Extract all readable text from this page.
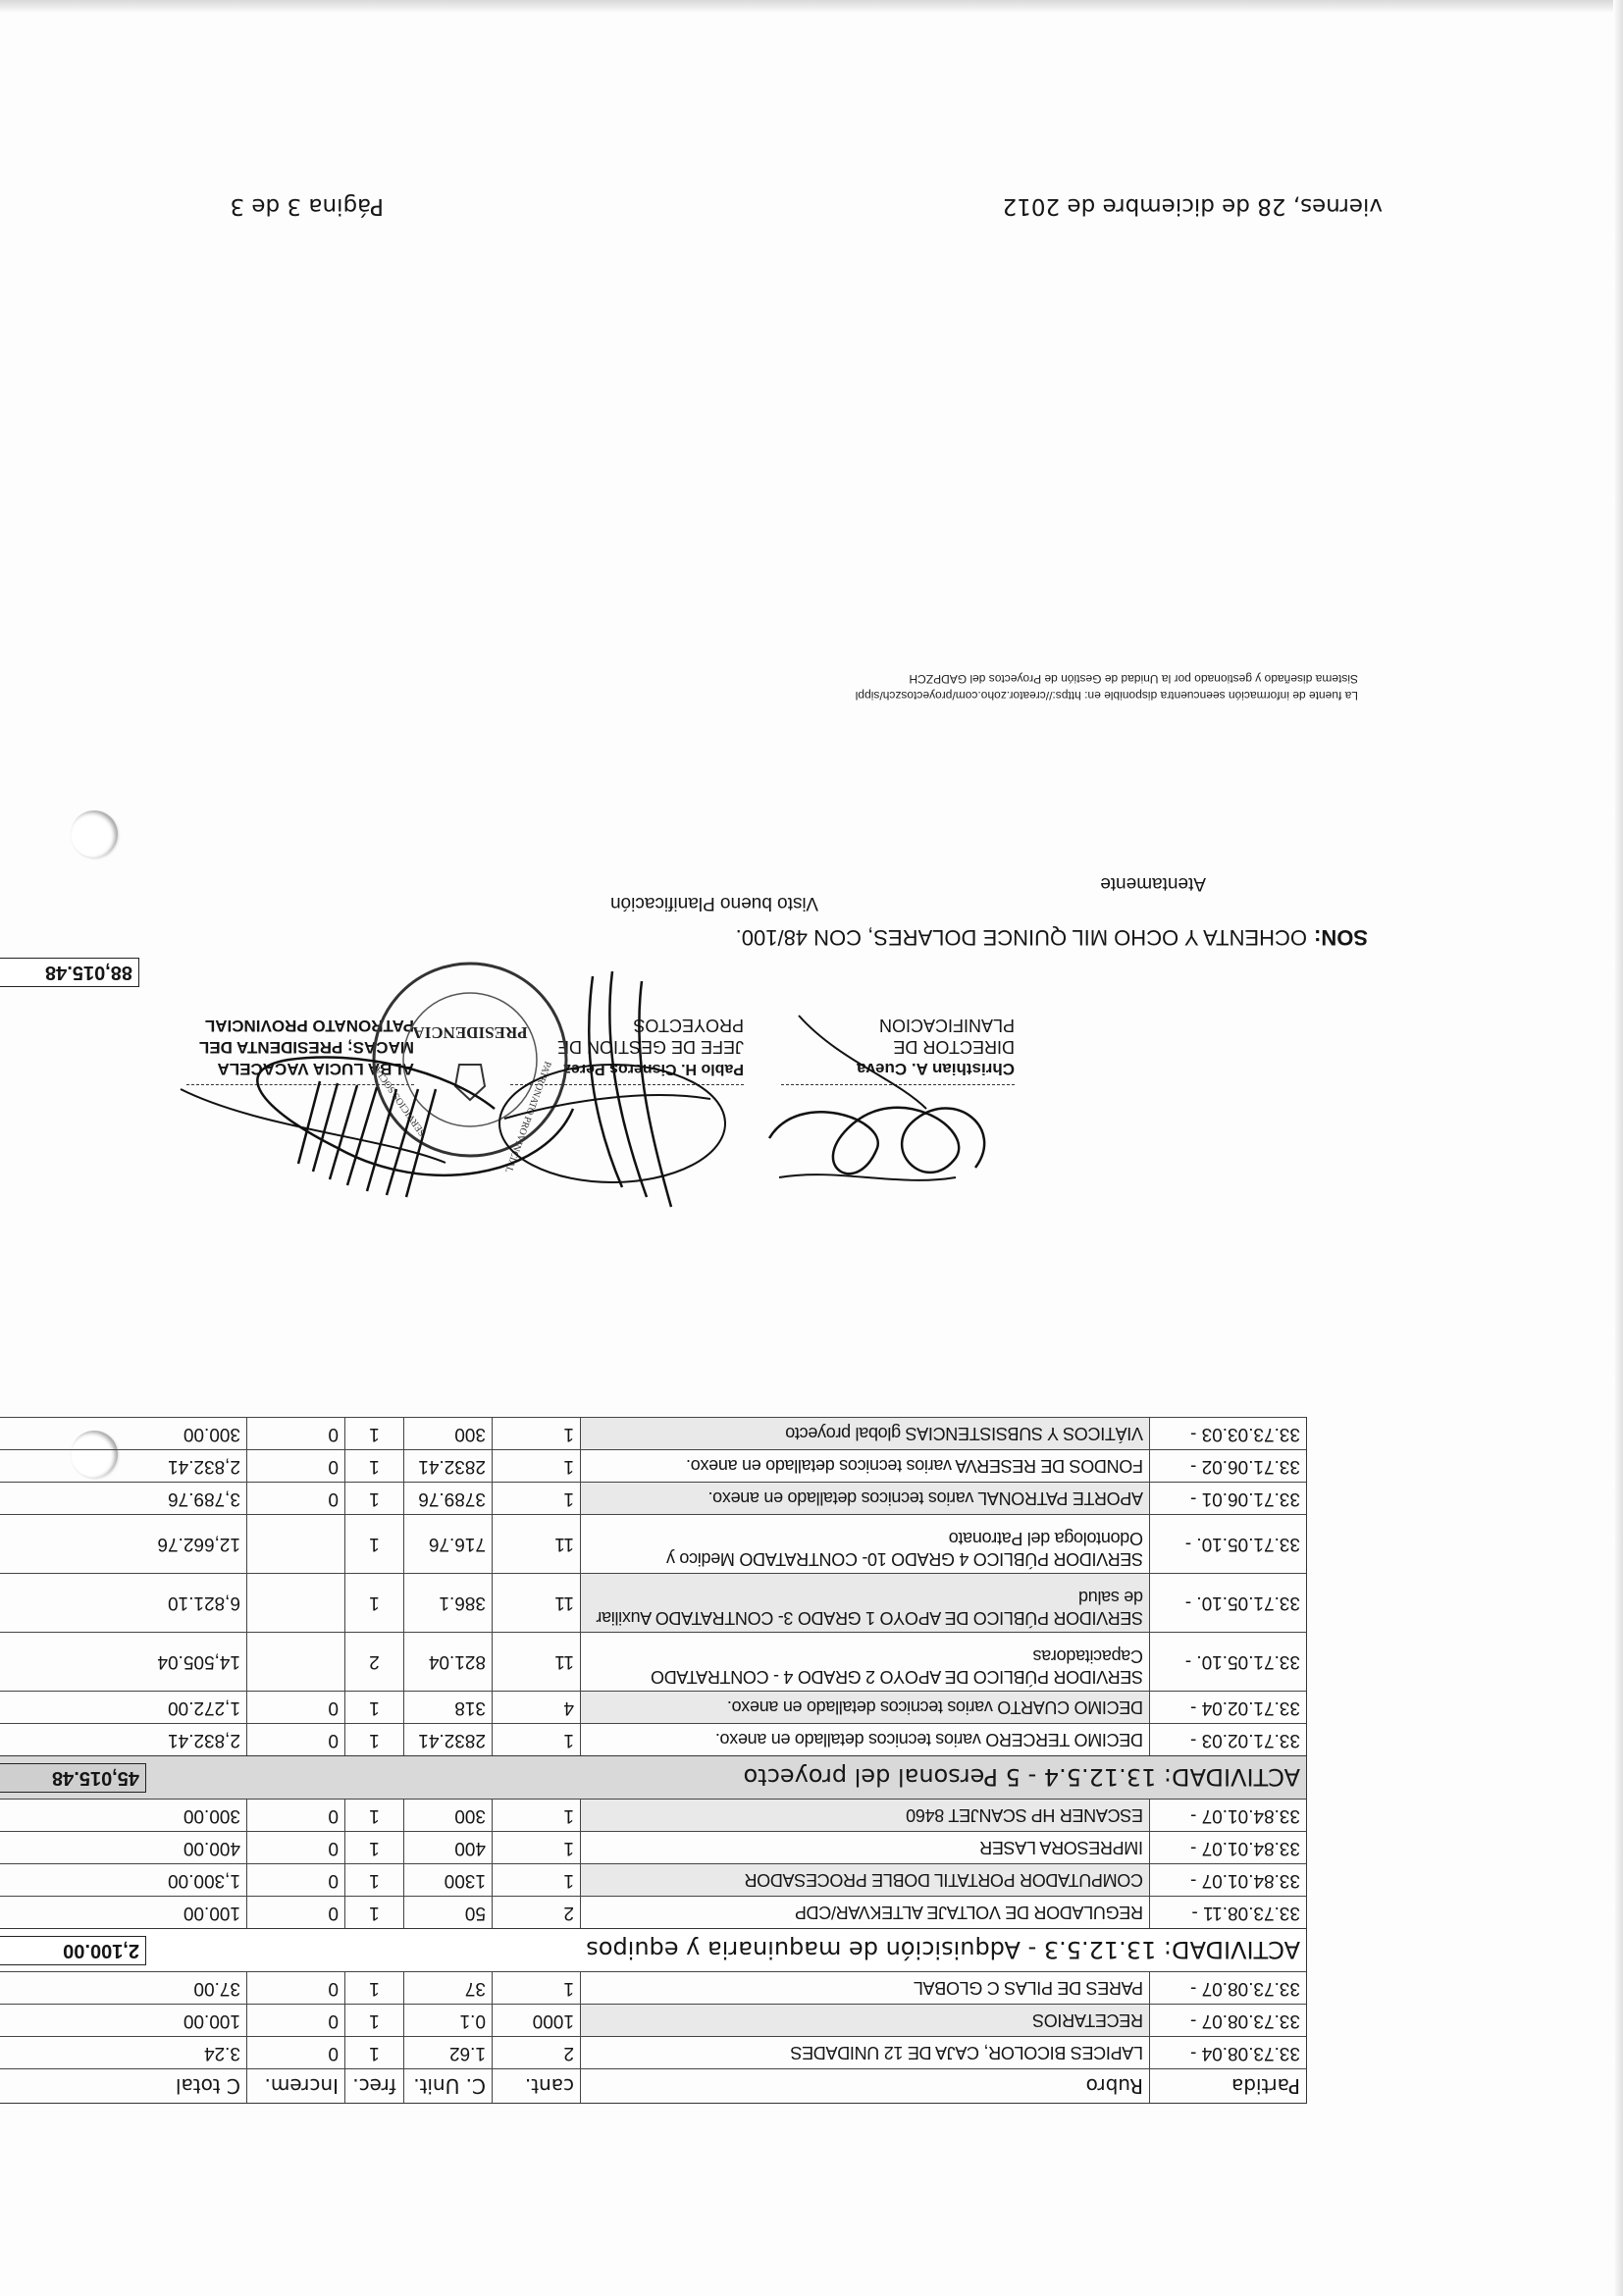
Partida
Rubro
cant.
C. Unit.
frec.
Increm.
C total
33.73.08.04 -
LAPICES BICOLOR, CAJA DE 12 UNIDADES
2
1.62
1
0
3.24
33.73.08.07 -
RECETARIOS
1000
0.1
1
0
100.00
33.73.08.07 -
PARES DE PILAS C GLOBAL
1
37
1
0
37.00
ACTIVIDAD: 13.12.5.3 - Adquisición de maquinaria y equipos
2,100.00
33.73.08.11 -
REGULADOR DE VOLTAJE ALTEKVAR/CDP
2
50
1
0
100.00
33.84.01.07 -
COMPUTADOR PORTATIL DOBLE PROCESADOR
1
1300
1
0
1,300.00
33.84.01.07 -
IMPRESORA LASER
1
400
1
0
400.00
33.84.01.07 -
ESCANER HP SCANJET 8460
1
300
1
0
300.00
ACTIVIDAD: 13.12.5.4 - 5 Personal del proyecto
45,015.48
33.71.02.03 -
DECIMO TERCERO varios tecnicos detallado en anexo.
1
2832.41
1
0
2,832.41
33.71.02.04 -
DECIMO CUARTO varios tecnicos detallado en anexo.
4
318
1
0
1,272.00
33.71.05.10. -
SERVIDOR PÚBLICO DE APOYO 2 GRADO 4 - CONTRATADO Capacitadoras
11
821.04
2
14,505.04
33.71.05.10. -
SERVIDOR PÚBLICO DE APOYO 1 GRADO 3- CONTRATADO Auxiliar de salud
11
386.1
1
6,821.10
33.71.05.10. -
SERVIDOR PÚBLICO 4 GRADO 10- CONTRATADO Medico y Odontologa del Patronato
11
716.76
1
12,662.76
33.71.06.01 -
APORTE PATRONAL varios tecnicos detallado en anexo.
1
3789.76
1
0
3,789.76
33.71.06.02 -
FONDOS DE RESERVA varios tecnicos detallado en anexo.
1
2832.41
1
0
2,832.41
33.73.03.03 -
VIÁTICOS Y SUBSISTENCIAS global proyecto
1
300
1
0
300.00
88,015.48
SON:
OCHENTA Y OCHO MIL QUINCE DOLARES, CON 48/100.
Visto bueno Planificación
Atentamente
ALBA LUCIA VACACELA
MACAS; PRESIDENTA DEL
PATRONATO PROVINCIAL
Pablo H. Cisneros Perez
JEFE DE GESTION DE
PROYECTOS
Christhian A. Cueva
DIRECTOR DE
PLANIFICACION
La fuente de información seencuentra disponible en: https://creator.zoho.com/proyectoszch/sippl
Sistema diseñado y gestionado por la Unidad de Gestión de Proyectos del GADPZCH
viernes, 28 de diciembre de 2012
Página 3 de 3
PRESIDENCIA
PATRONATO PROVINCIAL
SERVICIOS SOCIAL
